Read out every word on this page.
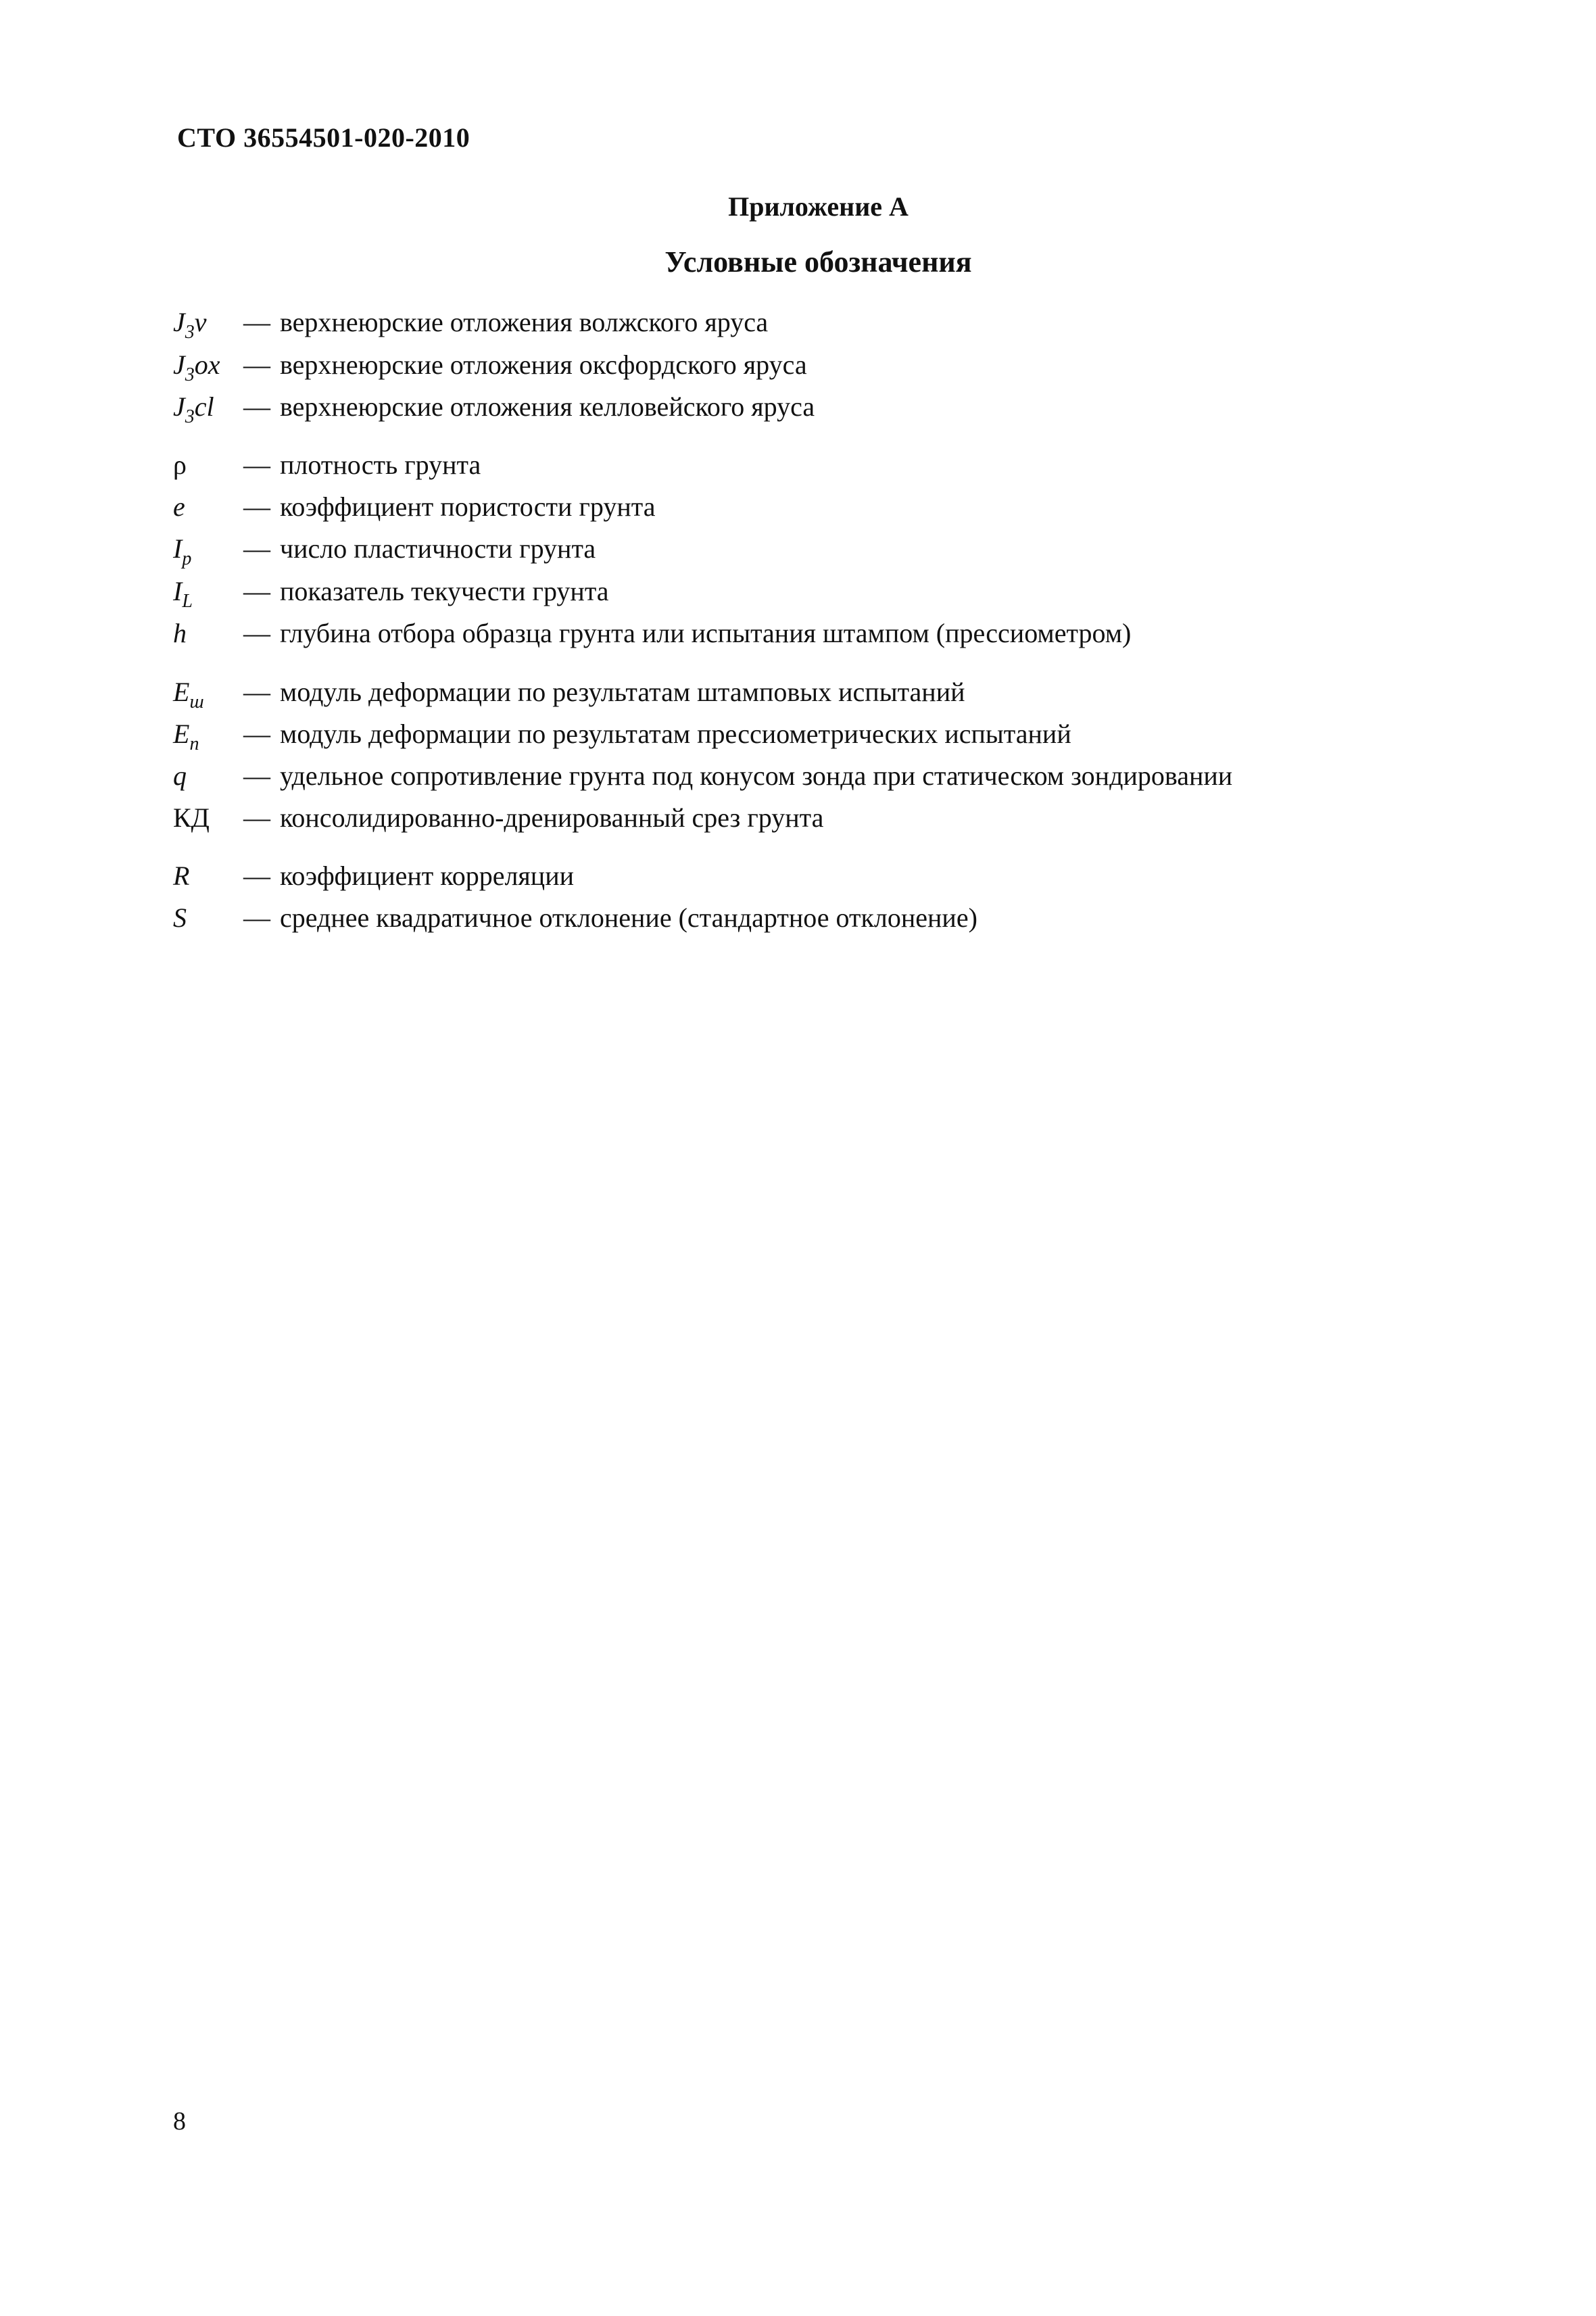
СТО 36554501-020-2010
Приложение А
Условные обозначения
$J_3v$	— верхнеюрские отложения волжского яруса
$J_3ox$ — верхнеюрские отложения оксфордского яруса
$J_3cl$	— верхнеюрские отложения келловейского яруса
ρ	— плотность грунта
e	— коэффициент пористости грунта
$I_p$	— число пластичности грунта
$I_L$	— показатель текучести грунта
h	— глубина отбора образца грунта или испытания штампом (прессиометром)
$E_ш$	— модуль деформации по результатам штамповых испытаний
$E_п$	— модуль деформации по результатам прессиометрических испытаний
q	— удельное сопротивление грунта под конусом зонда при статическом зондировании
КД	— консолидированно-дренированный срез грунта
R	— коэффициент корреляции
S	— среднее квадратичное отклонение (стандартное отклонение)
8
